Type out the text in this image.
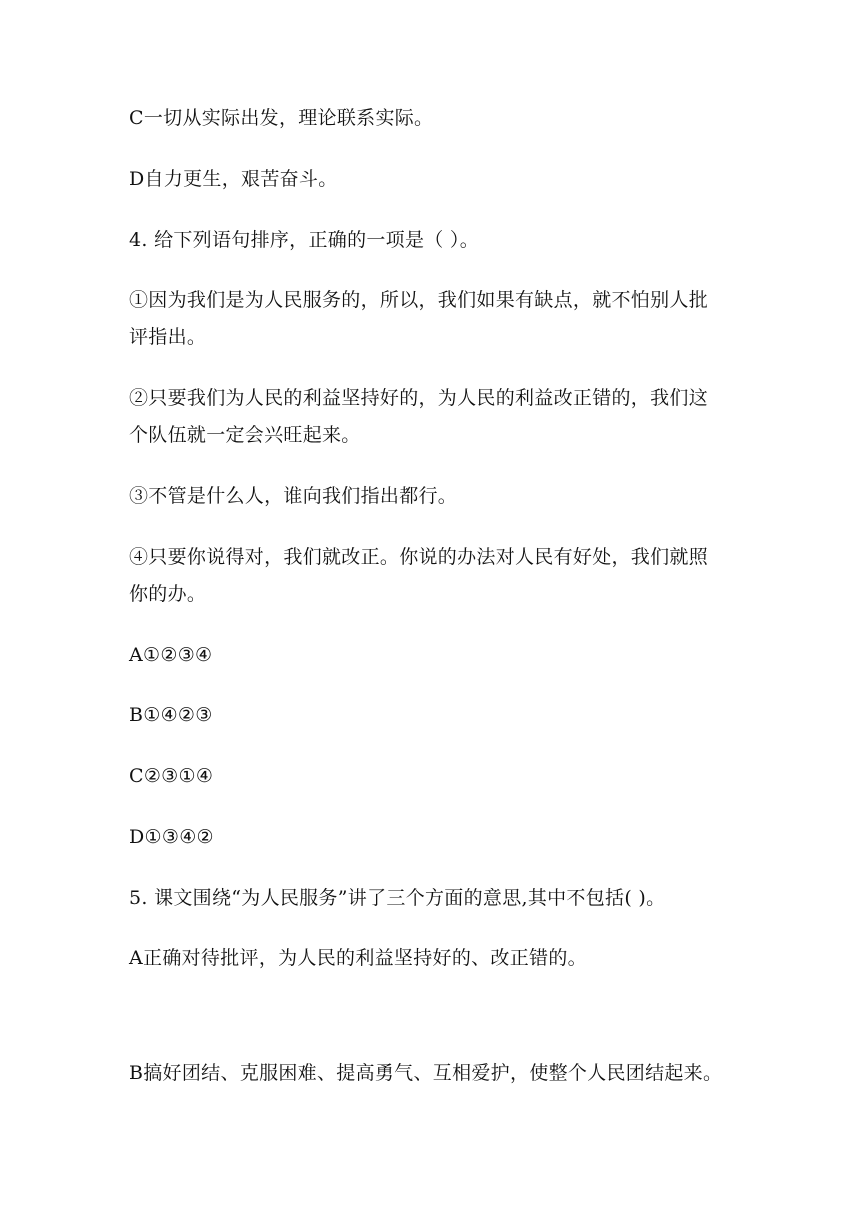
C一切从实际出发，理论联系实际。
D自力更生，艰苦奋斗。
4. 给下列语句排序，正确的一项是（ ）。
①因为我们是为人民服务的，所以，我们如果有缺点，就不怕别人批
评指出。
②只要我们为人民的利益坚持好的，为人民的利益改正错的，我们这
个队伍就一定会兴旺起来。
③不管是什么人，谁向我们指出都行。
④只要你说得对，我们就改正。你说的办法对人民有好处，我们就照
你的办。
A①②③④
B①④②③
C②③①④
D①③④②
5. 课文围绕“为人民服务”讲了三个方面的意思,其中不包括( )。
A正确对待批评，为人民的利益坚持好的、改正错的。
B搞好团结、克服困难、提高勇气、互相爱护，使整个人民团结起来。
